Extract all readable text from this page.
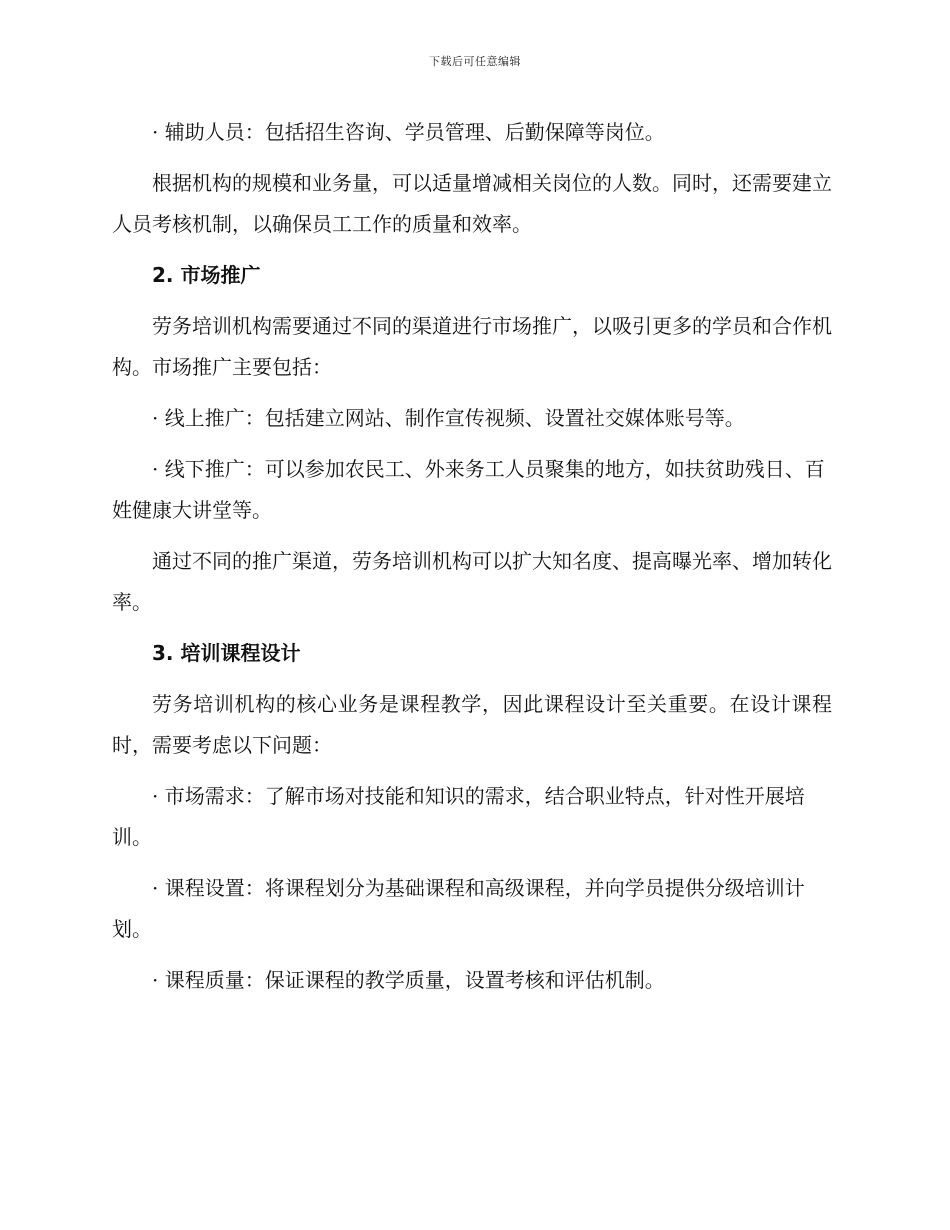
下载后可任意编辑

· 辅助人员：包括招生咨询、学员管理、后勤保障等岗位。

根据机构的规模和业务量，可以适量增减相关岗位的人数。同时，还需要建立人员考核机制，以确保员工工作的质量和效率。

2. 市场推广

劳务培训机构需要通过不同的渠道进行市场推广，以吸引更多的学员和合作机构。市场推广主要包括：

· 线上推广：包括建立网站、制作宣传视频、设置社交媒体账号等。

· 线下推广：可以参加农民工、外来务工人员聚集的地方，如扶贫助残日、百姓健康大讲堂等。

通过不同的推广渠道，劳务培训机构可以扩大知名度、提高曝光率、增加转化率。

3. 培训课程设计

劳务培训机构的核心业务是课程教学，因此课程设计至关重要。在设计课程时，需要考虑以下问题：

· 市场需求：了解市场对技能和知识的需求，结合职业特点，针对性开展培训。

· 课程设置：将课程划分为基础课程和高级课程，并向学员提供分级培训计划。

· 课程质量：保证课程的教学质量，设置考核和评估机制。
